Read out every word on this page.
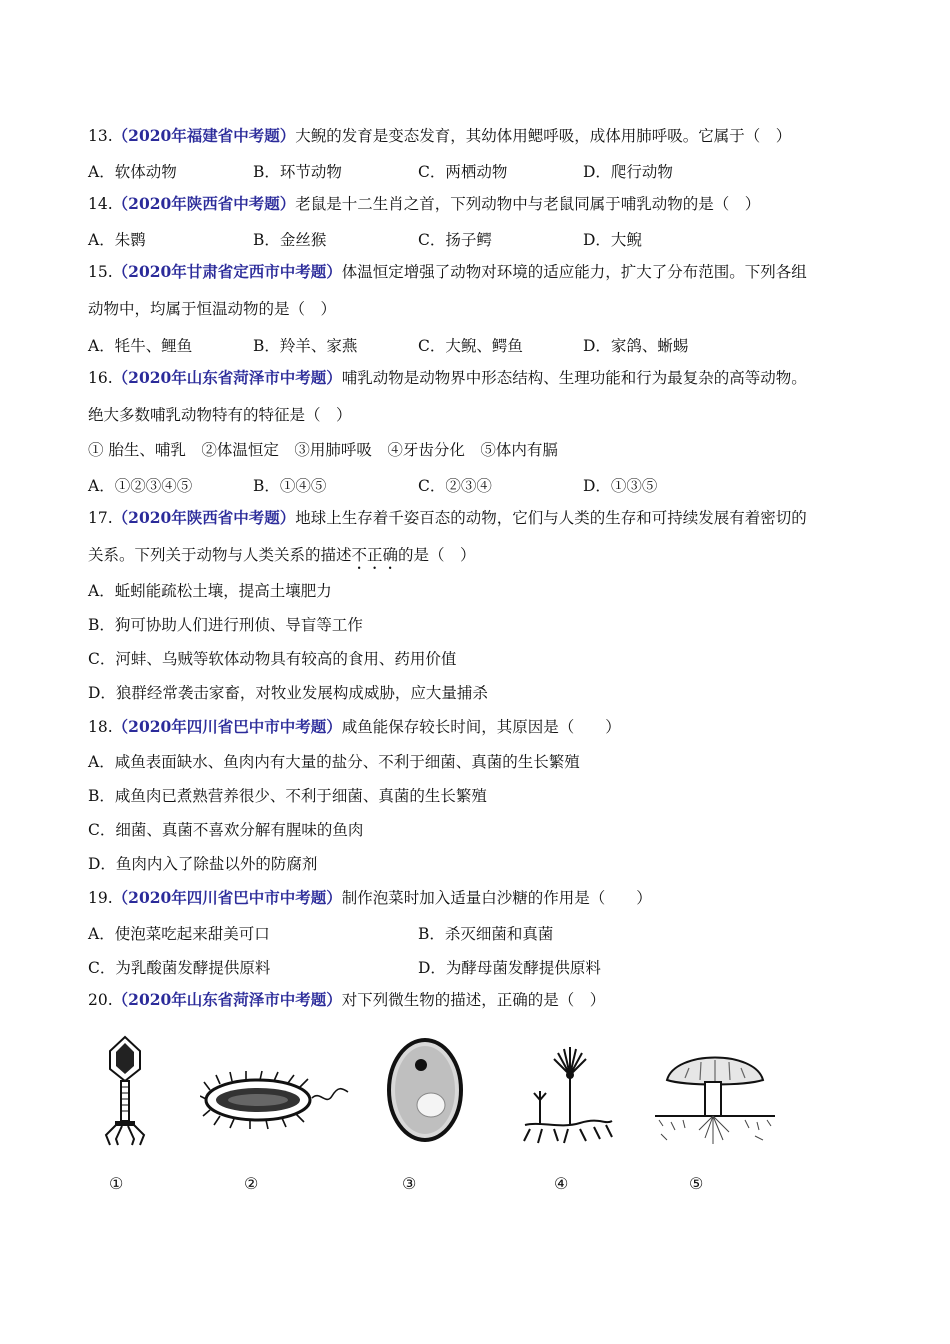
13.（2020年福建省中考题）大鲵的发育是变态发育，其幼体用鳃呼吸，成体用肺呼吸。它属于（　）
A．软体动物	B．环节动物	C．两栖动物	D．爬行动物
14.（2020年陕西省中考题）老鼠是十二生肖之首，下列动物中与老鼠同属于哺乳动物的是（　）
A．朱鹮	B．金丝猴	C．扬子鳄	D．大鲵
15.（2020年甘肃省定西市中考题）体温恒定增强了动物对环境的适应能力，扩大了分布范围。下列各组
动物中，均属于恒温动物的是（　）
A．牦牛、鲤鱼	B．羚羊、家燕	C．大鲵、鳄鱼	D．家鸽、蜥蜴
16.（2020年山东省菏泽市中考题）哺乳动物是动物界中形态结构、生理功能和行为最复杂的高等动物。
绝大多数哺乳动物特有的特征是（　）
① 胎生、哺乳　②体温恒定　③用肺呼吸　④牙齿分化　⑤体内有膈
A．①②③④⑤	B．①④⑤	C．②③④	D．①③⑤
17.（2020年陕西省中考题）地球上生存着千姿百态的动物，它们与人类的生存和可持续发展有着密切的
关系。下列关于动物与人类关系的描述不正确的是（　）
A．蚯蚓能疏松土壤，提高土壤肥力
B．狗可协助人们进行刑侦、导盲等工作
C．河蚌、乌贼等软体动物具有较高的食用、药用价值
D．狼群经常袭击家畜，对牧业发展构成威胁，应大量捕杀
18.（2020年四川省巴中市中考题）咸鱼能保存较长时间，其原因是（　　）
A．咸鱼表面缺水、鱼肉内有大量的盐分、不利于细菌、真菌的生长繁殖
B．咸鱼肉已煮熟营养很少、不利于细菌、真菌的生长繁殖
C．细菌、真菌不喜欢分解有腥味的鱼肉
D．鱼肉内入了除盐以外的防腐剂
19.（2020年四川省巴中市中考题）制作泡菜时加入适量白沙糖的作用是（　　）
A．使泡菜吃起来甜美可口	B．杀灭细菌和真菌
C．为乳酸菌发酵提供原料	D．为酵母菌发酵提供原料
20.（2020年山东省菏泽市中考题）对下列微生物的描述，正确的是（　）
①	②	③	④	⑤
